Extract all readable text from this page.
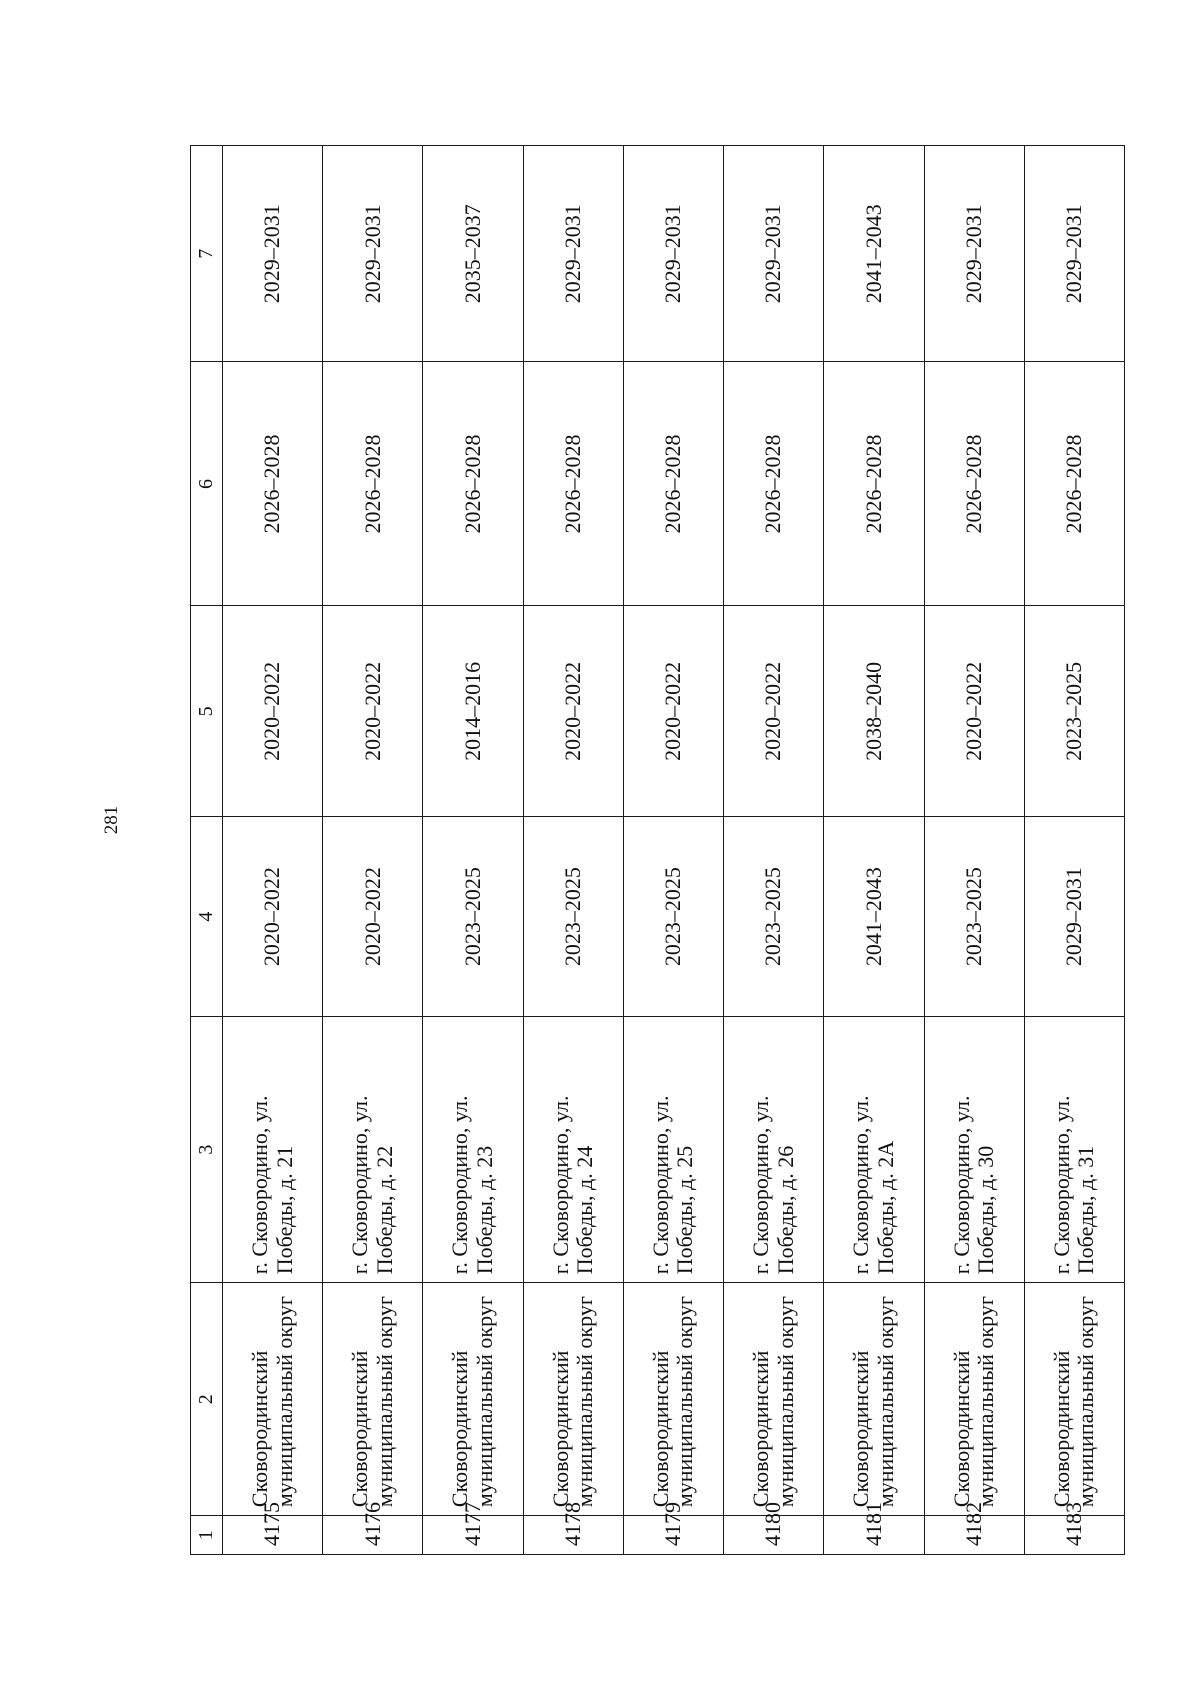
281
1	2	3	4	5	6	7
4175	Сковородинский муниципальный округ	г. Сковородино, ул. Победы, д. 21	2020–2022	2020–2022	2026–2028	2029–2031
4176	Сковородинский муниципальный округ	г. Сковородино, ул. Победы, д. 22	2020–2022	2020–2022	2026–2028	2029–2031
4177	Сковородинский муниципальный округ	г. Сковородино, ул. Победы, д. 23	2023–2025	2014–2016	2026–2028	2035–2037
4178	Сковородинский муниципальный округ	г. Сковородино, ул. Победы, д. 24	2023–2025	2020–2022	2026–2028	2029–2031
4179	Сковородинский муниципальный округ	г. Сковородино, ул. Победы, д. 25	2023–2025	2020–2022	2026–2028	2029–2031
4180	Сковородинский муниципальный округ	г. Сковородино, ул. Победы, д. 26	2023–2025	2020–2022	2026–2028	2029–2031
4181	Сковородинский муниципальный округ	г. Сковородино, ул. Победы, д. 2А	2041–2043	2038–2040	2026–2028	2041–2043
4182	Сковородинский муниципальный округ	г. Сковородино, ул. Победы, д. 30	2023–2025	2020–2022	2026–2028	2029–2031
4183	Сковородинский муниципальный округ	г. Сковородино, ул. Победы, д. 31	2029–2031	2023–2025	2026–2028	2029–2031
